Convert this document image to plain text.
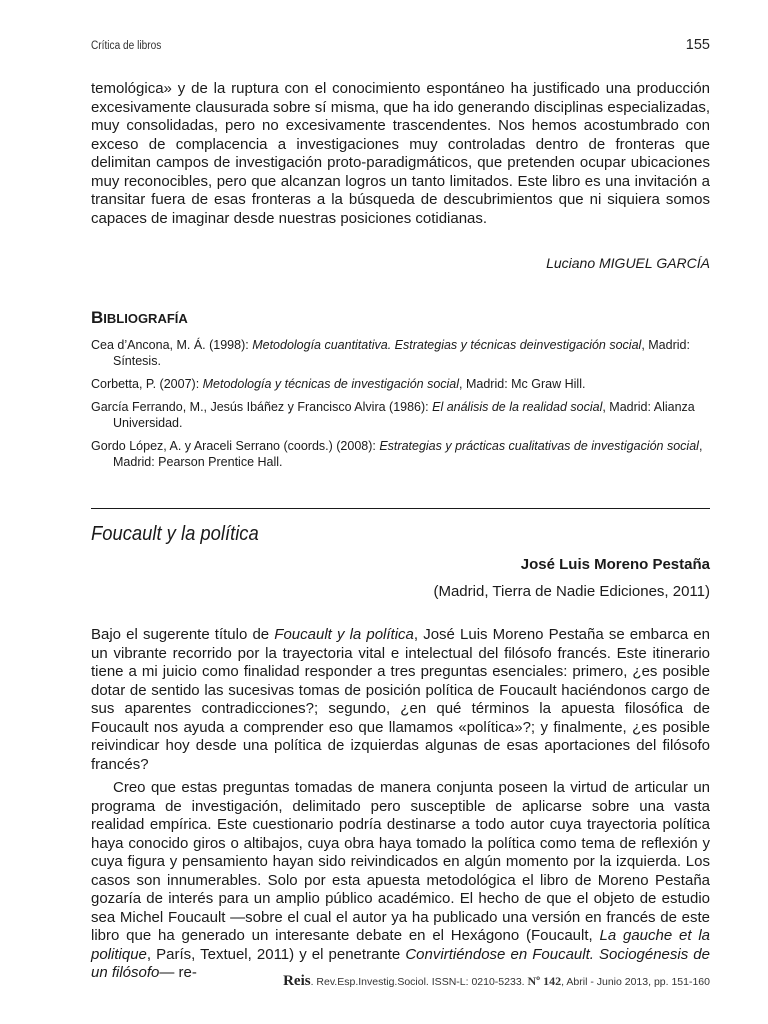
Crítica de libros	155
temológica» y de la ruptura con el conocimiento espontáneo ha justificado una producción excesivamente clausurada sobre sí misma, que ha ido generando disciplinas especializadas, muy consolidadas, pero no excesivamente trascendentes. Nos hemos acostumbrado con exceso de complacencia a investigaciones muy controladas dentro de fronteras que delimitan campos de investigación proto-paradigmáticos, que pretenden ocupar ubicaciones muy reconocibles, pero que alcanzan logros un tanto limitados. Este libro es una invitación a transitar fuera de esas fronteras a la búsqueda de descubrimientos que ni siquiera somos capaces de imaginar desde nuestras posiciones cotidianas.
Luciano MIGUEL GARCÍA
BIBLIOGRAFÍA

Cea d’Ancona, M. Á. (1998): Metodología cuantitativa. Estrategias y técnicas deinvestigación social, Madrid: Síntesis.

Corbetta, P. (2007): Metodología y técnicas de investigación social, Madrid: Mc Graw Hill.

García Ferrando, M., Jesús Ibáñez y Francisco Alvira (1986): El análisis de la realidad social, Madrid: Alianza Universidad.

Gordo López, A. y Araceli Serrano (coords.) (2008): Estrategias y prácticas cualitativas de investigación social, Madrid: Pearson Prentice Hall.

Foucault y la política
José Luis Moreno Pestaña
(Madrid, Tierra de Nadie Ediciones, 2011)

Bajo el sugerente título de Foucault y la política, José Luis Moreno Pestaña se embarca en un vibrante recorrido por la trayectoria vital e intelectual del filósofo francés. Este itinerario tiene a mi juicio como finalidad responder a tres preguntas esenciales: primero, ¿es posible dotar de sentido las sucesivas tomas de posición política de Foucault haciéndonos cargo de sus aparentes contradicciones?; segundo, ¿en qué términos la apuesta filosófica de Foucault nos ayuda a comprender eso que llamamos «política»?; y finalmente, ¿es posible reivindicar hoy desde una política de izquierdas algunas de esas aportaciones del filósofo francés?

Creo que estas preguntas tomadas de manera conjunta poseen la virtud de articular un programa de investigación, delimitado pero susceptible de aplicarse sobre una vasta realidad empírica. Este cuestionario podría destinarse a todo autor cuya trayectoria política haya conocido giros o altibajos, cuya obra haya tomado la política como tema de reflexión y cuya figura y pensamiento hayan sido reivindicados en algún momento por la izquierda. Los casos son innumerables. Solo por esta apuesta metodológica el libro de Moreno Pestaña gozaría de interés para un amplio público académico. El hecho de que el objeto de estudio sea Michel Foucault —sobre el cual el autor ya ha publicado una versión en francés de este libro que ha generado un interesante debate en el Hexágono (Foucault, La gauche et la politique, París, Textuel, 2011) y el penetrante Convirtiéndose en Foucault. Sociogénesis de un filósofo— re-	Reis. Rev.Esp.Investig.Sociol. ISSN-L: 0210-5233. Nº 142, Abril - Junio 2013, pp. 151-160
